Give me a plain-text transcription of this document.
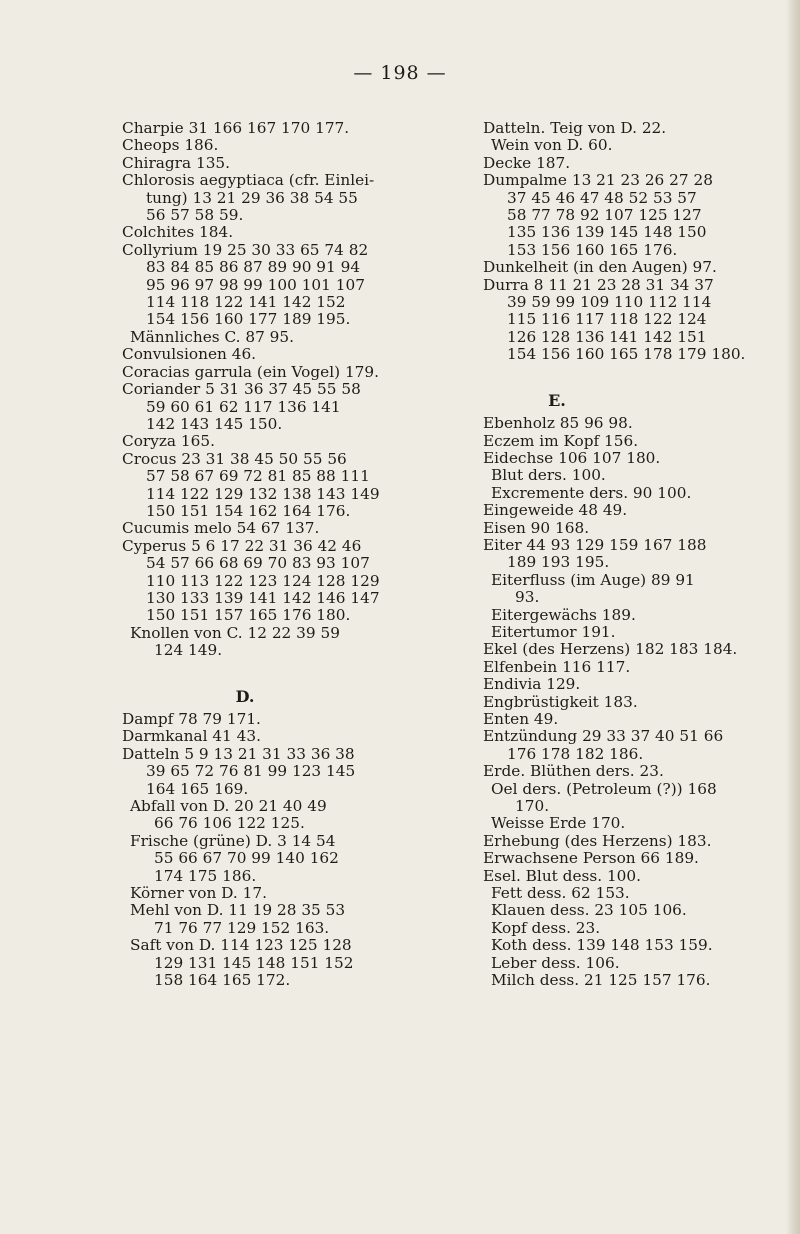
— 198 —
Charpie 31 166 167 170 177.
Cheops 186.
Chiragra 135.
Chlorosis aegyptiaca (cfr. Einlei-
tung) 13 21 29 36 38 54 55
56 57 58 59.
Colchites 184.
Collyrium 19 25 30 33 65 74 82
83 84 85 86 87 89 90 91 94
95 96 97 98 99 100 101 107
114 118 122 141 142 152
154 156 160 177 189 195.
Männliches C. 87 95.
Convulsionen 46.
Coracias garrula (ein Vogel) 179.
Coriander 5 31 36 37 45 55 58
59 60 61 62 117 136 141
142 143 145 150.
Coryza 165.
Crocus 23 31 38 45 50 55 56
57 58 67 69 72 81 85 88 111
114 122 129 132 138 143 149
150 151 154 162 164 176.
Cucumis melo 54 67 137.
Cyperus 5 6 17 22 31 36 42 46
54 57 66 68 69 70 83 93 107
110 113 122 123 124 128 129
130 133 139 141 142 146 147
150 151 157 165 176 180.
Knollen von C. 12 22 39 59
124 149.
D.
Dampf 78 79 171.
Darmkanal 41 43.
Datteln 5 9 13 21 31 33 36 38
39 65 72 76 81 99 123 145
164 165 169.
Abfall von D. 20 21 40 49
66 76 106 122 125.
Frische (grüne) D. 3 14 54
55 66 67 70 99 140 162
174 175 186.
Körner von D. 17.
Mehl von D. 11 19 28 35 53
71 76 77 129 152 163.
Saft von D. 114 123 125 128
129 131 145 148 151 152
158 164 165 172.
Datteln. Teig von D. 22.
Wein von D. 60.
Decke 187.
Dumpalme 13 21 23 26 27 28
37 45 46 47 48 52 53 57
58 77 78 92 107 125 127
135 136 139 145 148 150
153 156 160 165 176.
Dunkelheit (in den Augen) 97.
Durra 8 11 21 23 28 31 34 37
39 59 99 109 110 112 114
115 116 117 118 122 124
126 128 136 141 142 151
154 156 160 165 178 179 180.
E.
Ebenholz 85 96 98.
Eczem im Kopf 156.
Eidechse 106 107 180.
Blut ders. 100.
Excremente ders. 90 100.
Eingeweide 48 49.
Eisen 90 168.
Eiter 44 93 129 159 167 188
189 193 195.
Eiterfluss (im Auge) 89 91
93.
Eitergewächs 189.
Eitertumor 191.
Ekel (des Herzens) 182 183 184.
Elfenbein 116 117.
Endivia 129.
Engbrüstigkeit 183.
Enten 49.
Entzündung 29 33 37 40 51 66
176 178 182 186.
Erde. Blüthen ders. 23.
Oel ders. (Petroleum (?)) 168
170.
Weisse Erde 170.
Erhebung (des Herzens) 183.
Erwachsene Person 66 189.
Esel. Blut dess. 100.
Fett dess. 62 153.
Klauen dess. 23 105 106.
Kopf dess. 23.
Koth dess. 139 148 153 159.
Leber dess. 106.
Milch dess. 21 125 157 176.
